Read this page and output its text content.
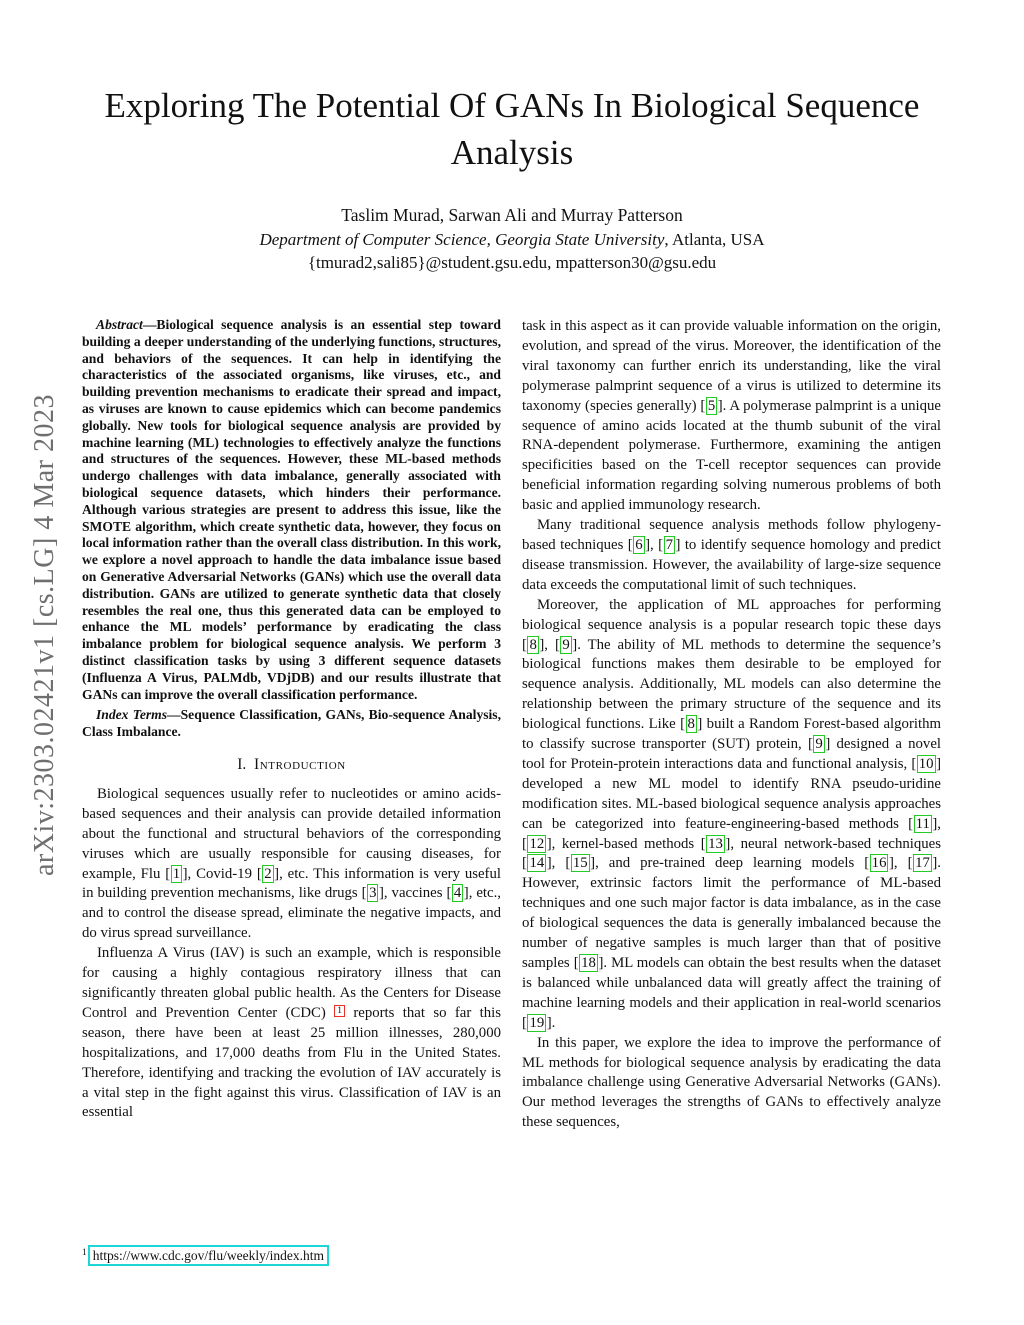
arXiv:2303.02421v1 [cs.LG] 4 Mar 2023
Exploring The Potential Of GANs In Biological Sequence Analysis
Taslim Murad, Sarwan Ali and Murray Patterson
Department of Computer Science, Georgia State University, Atlanta, USA
{tmurad2,sali85}@student.gsu.edu, mpatterson30@gsu.edu
Abstract—Biological sequence analysis is an essential step toward building a deeper understanding of the underlying functions, structures, and behaviors of the sequences. It can help in identifying the characteristics of the associated organisms, like viruses, etc., and building prevention mechanisms to eradicate their spread and impact, as viruses are known to cause epidemics which can become pandemics globally. New tools for biological sequence analysis are provided by machine learning (ML) technologies to effectively analyze the functions and structures of the sequences. However, these ML-based methods undergo challenges with data imbalance, generally associated with biological sequence datasets, which hinders their performance. Although various strategies are present to address this issue, like the SMOTE algorithm, which create synthetic data, however, they focus on local information rather than the overall class distribution. In this work, we explore a novel approach to handle the data imbalance issue based on Generative Adversarial Networks (GANs) which use the overall data distribution. GANs are utilized to generate synthetic data that closely resembles the real one, thus this generated data can be employed to enhance the ML models’ performance by eradicating the class imbalance problem for biological sequence analysis. We perform 3 distinct classification tasks by using 3 different sequence datasets (Influenza A Virus, PALMdb, VDjDB) and our results illustrate that GANs can improve the overall classification performance.
Index Terms—Sequence Classification, GANs, Bio-sequence Analysis, Class Imbalance.
I. Introduction

Biological sequences usually refer to nucleotides or amino acids-based sequences and their analysis can provide detailed information about the functional and structural behaviors of the corresponding viruses which are usually responsible for causing diseases, for example, Flu [ 1 ], Covid-19 [ 2 ], etc. This information is very useful in building prevention mechanisms, like drugs [ 3 ], vaccines [ 4 ], etc., and to control the disease spread, eliminate the negative impacts, and do virus spread surveillance.

Influenza A Virus (IAV) is such an example, which is responsible for causing a highly contagious respiratory illness that can significantly threaten global public health. As the Centers for Disease Control and Prevention Center (CDC) $^1$ reports that so far this season, there have been at least 25 million illnesses, 280,000 hospitalizations, and 17,000 deaths from Flu in the United States. Therefore, identifying and tracking the evolution of IAV accurately is a vital step in the fight against this virus. Classification of IAV is an essential

$^1$ https://www.cdc.gov/flu/weekly/index.htm

task in this aspect as it can provide valuable information on the origin, evolution, and spread of the virus. Moreover, the identification of the viral taxonomy can further enrich its understanding, like the viral polymerase palmprint sequence of a virus is utilized to determine its taxonomy (species generally) [ 5 ]. A polymerase palmprint is a unique sequence of amino acids located at the thumb subunit of the viral RNA-dependent polymerase. Furthermore, examining the antigen specificities based on the T-cell receptor sequences can provide beneficial information regarding solving numerous problems of both basic and applied immunology research.

Many traditional sequence analysis methods follow phylogeny-based techniques [ 6 ], [ 7 ] to identify sequence homology and predict disease transmission. However, the availability of large-size sequence data exceeds the computational limit of such techniques.

Moreover, the application of ML approaches for performing biological sequence analysis is a popular research topic these days [ 8 ], [ 9 ]. The ability of ML methods to determine the sequence’s biological functions makes them desirable to be employed for sequence analysis. Additionally, ML models can also determine the relationship between the primary structure of the sequence and its biological functions. Like [ 8 ] built a Random Forest-based algorithm to classify sucrose transporter (SUT) protein, [ 9 ] designed a novel tool for Protein-protein interactions data and functional analysis, [ 10 ] developed a new ML model to identify RNA pseudo-uridine modification sites. ML-based biological sequence analysis approaches can be categorized into feature-engineering-based methods [ 11 ], [ 12 ], kernel-based methods [ 13 ], neural network-based techniques [ 14 ], [ 15 ], and pre-trained deep learning models [ 16 ], [ 17 ]. However, extrinsic factors limit the performance of ML-based techniques and one such major factor is data imbalance, as in the case of biological sequences the data is generally imbalanced because the number of negative samples is much larger than that of positive samples [ 18 ]. ML models can obtain the best results when the dataset is balanced while unbalanced data will greatly affect the training of machine learning models and their application in real-world scenarios [ 19 ].

In this paper, we explore the idea to improve the performance of ML methods for biological sequence analysis by eradicating the data imbalance challenge using Generative Adversarial Networks (GANs). Our method leverages the strengths of GANs to effectively analyze these sequences,
